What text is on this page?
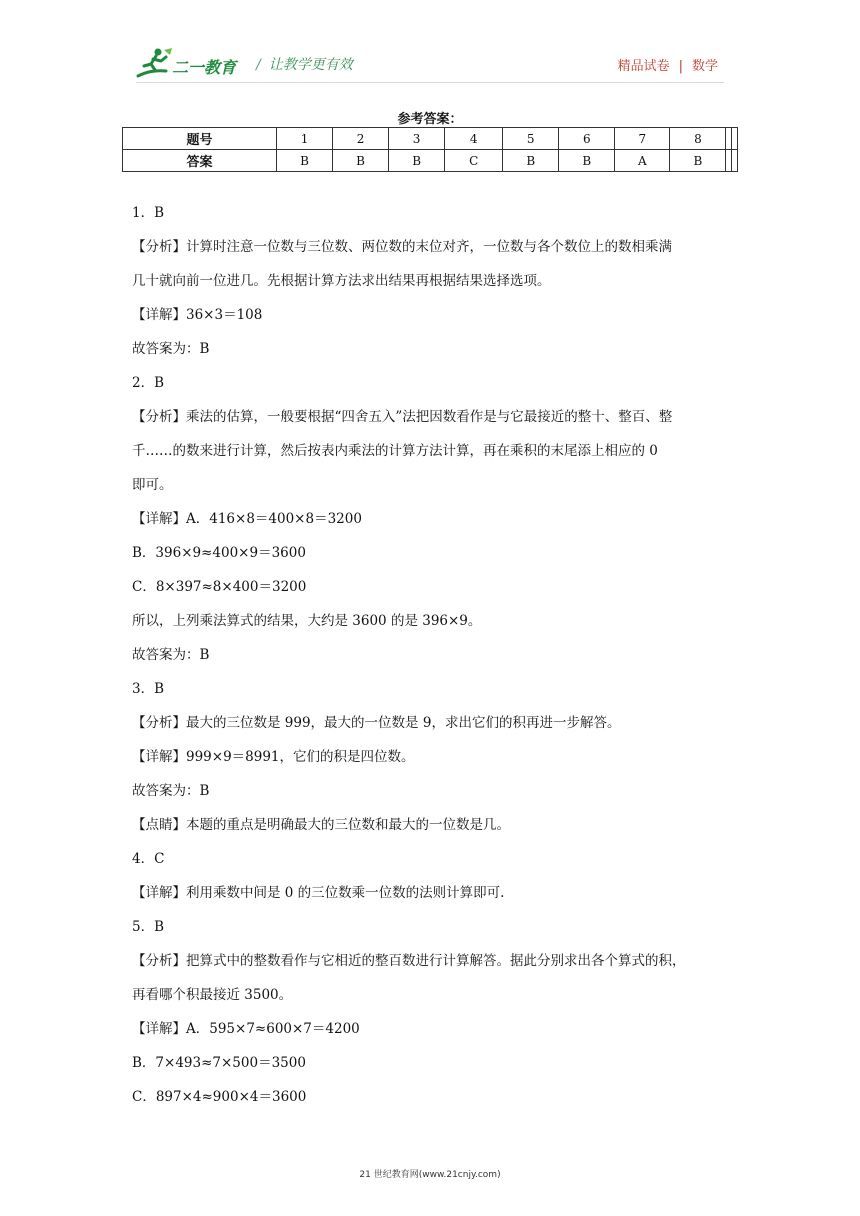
二一教育 / 让教学更有效	精品试卷 | 数学
参考答案：
题号	1	2	3	4	5	6	7	8		
答案	B	B	B	C	B	B	A	B		

1．B

【分析】计算时注意一位数与三位数、两位数的末位对齐，一位数与各个数位上的数相乘满

几十就向前一位进几。先根据计算方法求出结果再根据结果选择选项。

【详解】36×3＝108

故答案为：B

2．B

【分析】乘法的估算，一般要根据“四舍五入”法把因数看作是与它最接近的整十、整百、整

千……的数来进行计算，然后按表内乘法的计算方法计算，再在乘积的末尾添上相应的 0

即可。

【详解】A．416×8＝400×8＝3200

B．396×9≈400×9＝3600

C．8×397≈8×400＝3200

所以，上列乘法算式的结果，大约是 3600 的是 396×9。

故答案为：B

3．B

【分析】最大的三位数是 999，最大的一位数是 9，求出它们的积再进一步解答。

【详解】999×9＝8991，它们的积是四位数。

故答案为：B

【点睛】本题的重点是明确最大的三位数和最大的一位数是几。

4．C

【详解】利用乘数中间是 0 的三位数乘一位数的法则计算即可.

5．B

【分析】把算式中的整数看作与它相近的整百数进行计算解答。据此分别求出各个算式的积，

再看哪个积最接近 3500。

【详解】A．595×7≈600×7＝4200

B．7×493≈7×500＝3500

C．897×4≈900×4＝3600

21 世纪教育网(www.21cnjy.com)
